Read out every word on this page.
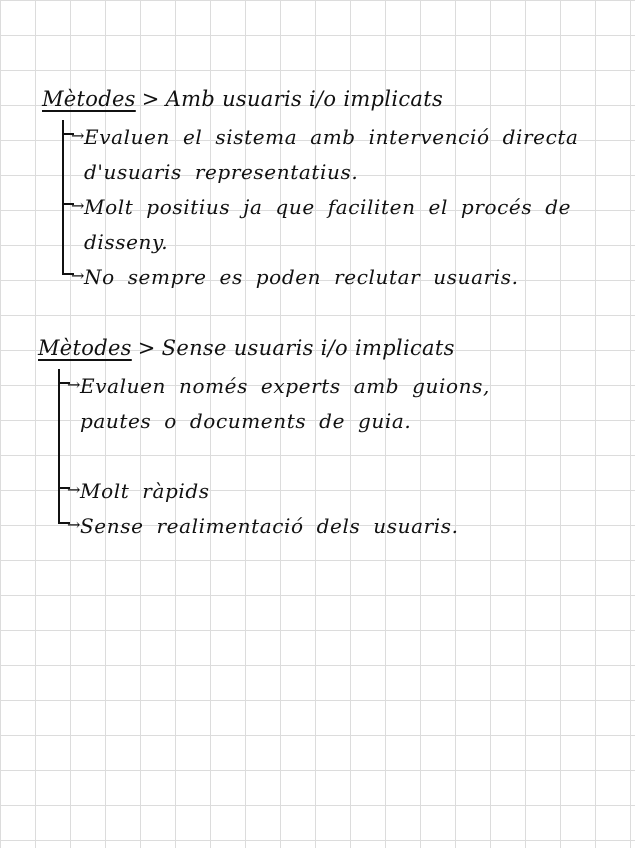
Mètodes > Amb usuaris i/o implicats
→ Evaluen el sistema amb intervenció directa d'usuaris representatius.
→ Molt positius ja que faciliten el procés de disseny.
→ No sempre es poden reclutar usuaris.
Mètodes > Sense usuaris i/o implicats
→ Evaluen només experts amb guions, pautes o documents de guia.
→ Molt ràpids
→ Sense realimentació dels usuaris.
